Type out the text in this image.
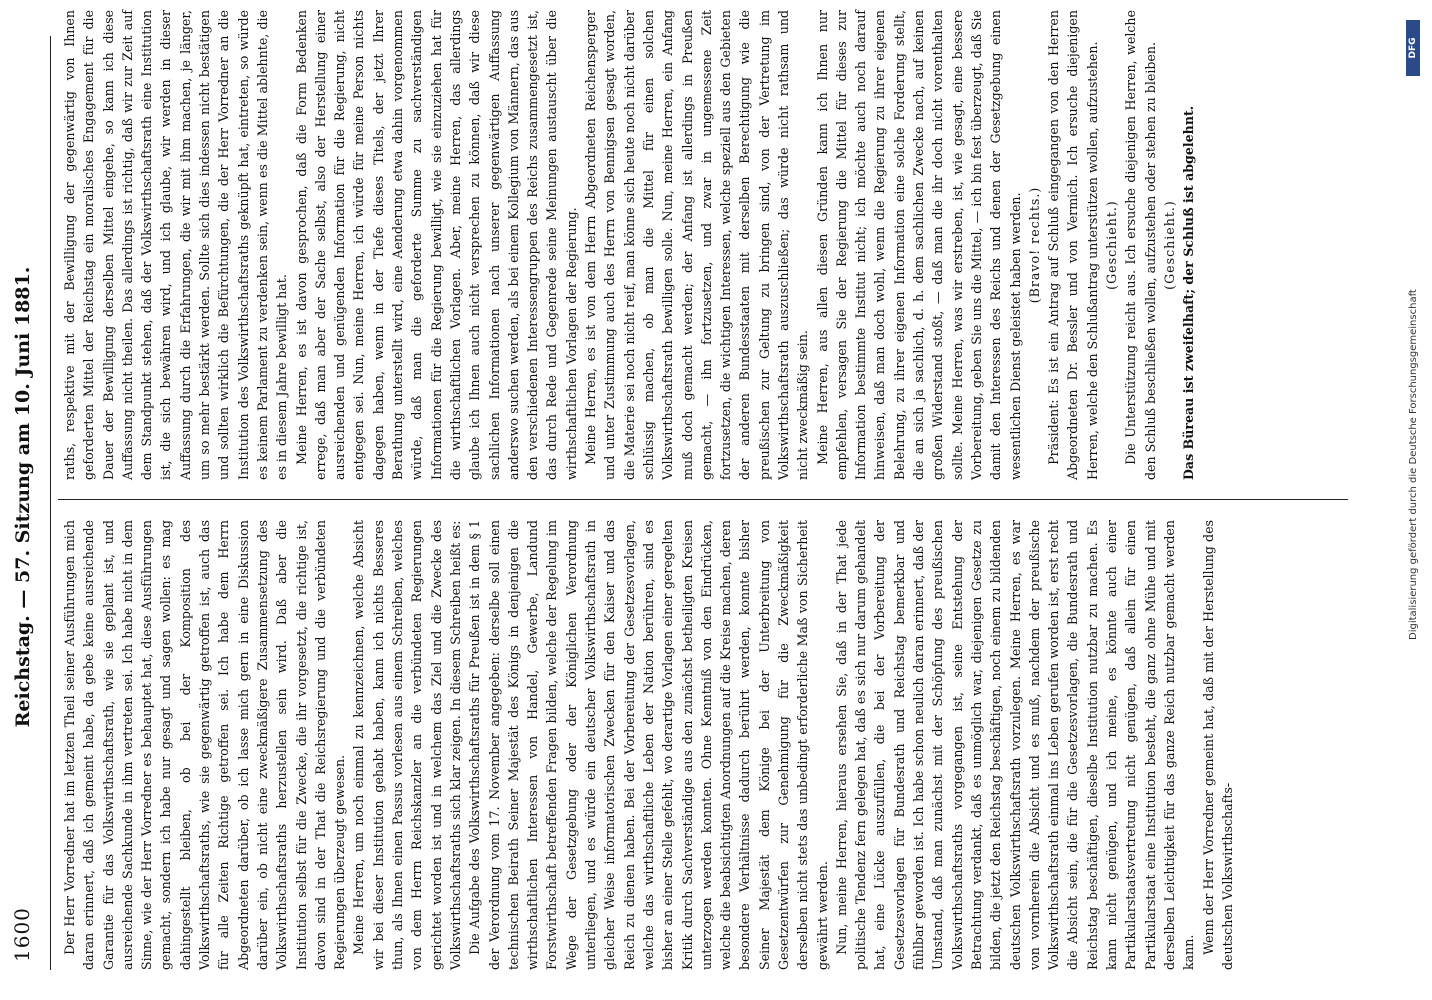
1600
Reichstag. — 57. Sitzung am 10. Juni 1881.

Der Herr Vorredner hat im letzten Theil seiner Ausführungen mich daran erinnert, daß ich gemeint habe, da gebe keine ausreichende Garantie für das Volkswirthschaftsrath, wie sie geplant ist, und ausreichende Sachkunde in ihm vertreten sei. Ich habe nicht in dem Sinne, wie der Herr Vorredner es behauptet hat, diese Ausführungen gemacht, sondern ich habe nur gesagt und sagen wollen: es mag dahingestellt bleiben, ob bei der Komposition des Volkswirthschaftsraths, wie sie gegenwärtig getroffen ist, auch das für alle Zeiten Richtige getroffen sei. Ich habe dem Herrn Abgeordneten darüber, ob ich lasse mich gern in eine Diskussion darüber ein, ob nicht eine zweckmäßigere Zusammensetzung des Volkswirthschaftsraths herzustellen sein wird. Daß aber die Institution selbst für die Zwecke, die ihr vorgesetzt, die richtige ist, davon sind in der That die Reichsregierung und die verbündeten Regierungen überzeugt gewesen. Meine Herren, um noch einmal zu kennzeichnen, welche Absicht wir bei dieser Institution gehabt haben, kann ich nichts Besseres thun, als Ihnen einen Passus vorlesen aus einem Schreiben, welches von dem Herrn Reichskanzler an die verbündeten Regierungen gerichtet worden ist und in welchem das Ziel und die Zwecke des Volkswirthschaftsraths sich klar zeigen. In diesem Schreiben heißt es: Die Aufgabe des Volkswirthschaftsraths für Preußen ist in dem § 1 der Verordnung vom 17. November angegeben: derselbe soll einen technischen Beirath Seiner Majestät des Königs in denjenigen die wirthschaftlichen Interessen von Handel, Gewerbe, Landund Forstwirthschaft betreffenden Fragen bilden, welche der Regelung im Wege der Gesetzgebung oder der Königlichen Verordnung unterliegen, und es würde ein deutscher Volkswirthschaftsrath in gleicher Weise informatorischen Zwecken für den Kaiser und das Reich zu dienen haben. Bei der Vorbereitung der Gesetzesvorlagen, welche das wirthschaftliche Leben der Nation berühren, sind es bisher an einer Stelle gefehlt, wo derartige Vorlagen einer geregelten Kritik durch Sachverständige aus den zunächst betheiligten Kreisen unterzogen werden konnten. Ohne Kenntniß von den Eindrücken, welche die beabsichtigten Anordnungen auf die Kreise machen, deren besondere Verhältnisse dadurch berührt werden, konnte bisher Seiner Majestät dem Könige bei der Unterbreitung von Gesetzentwürfen zur Genehmigung für die Zweckmäßigkeit derselben nicht stets das unbedingt erforderliche Maß von Sicherheit gewährt werden. Nun, meine Herren, hieraus ersehen Sie, daß in der That jede politische Tendenz fern gelegen hat, daß es sich nur darum gehandelt hat, eine Lücke auszufüllen, die bei der Vorbereitung der Gesetzesvorlagen für Bundesrath und Reichstag bemerkbar und fühlbar geworden ist. Ich habe schon neulich daran erinnert, daß der Umstand, daß man zunächst mit der Schöpfung des preußischen Volkswirthschaftsraths vorgegangen ist, seine Entstehung der Betrachtung verdankt, daß es unmöglich war, diejenigen Gesetze zu bilden, die jetzt den Reichstag beschäftigen, noch einem zu bildenden deutschen Volkswirthschaftsrath vorzulegen. Meine Herren, es war von vornherein die Absicht und es muß, nachdem der preußische Volkswirthschaftsrath einmal ins Leben gerufen worden ist, erst recht die Absicht sein, die für die Gesetzesvorlagen, die Bundesrath und Reichstag beschäftigen, dieselbe Institution nutzbar zu machen. Es kann nicht genügen, und ich meine, es könnte auch einer Partikularstaatsvertretung nicht genügen, daß allein für einen Partikularstaat eine Institution besteht, die ganz ohne Mühe und mit derselben Leichtigkeit für das ganze Reich nutzbar gemacht werden kann. Wenn der Herr Vorredner gemeint hat, daß mit der Herstellung des deutschen Volkswirthschafts-

raths, respektive mit der Bewilligung der gegenwärtig von Ihnen geforderten Mittel der Reichstag ein moralisches Engagement für die Dauer der Bewilligung derselben Mittel eingehe, so kann ich diese Auffassung nicht theilen. Das allerdings ist richtig, daß wir zur Zeit auf dem Standpunkt stehen, daß der Volkswirthschaftsrath eine Institution ist, die sich bewähren wird, und ich glaube, wir werden in dieser Auffassung durch die Erfahrungen, die wir mit ihm machen, je länger, um so mehr bestärkt werden. Sollte sich dies indessen nicht bestätigen und sollten wirklich die Befürchtungen, die der Herr Vorredner an die Institution des Volkswirthschaftsraths geknüpft hat, eintreten, so würde es keinem Parlament zu verdenken sein, wenn es die Mittel ablehnte, die es in diesem Jahre bewilligt hat. Meine Herren, es ist davon gesprochen, daß die Form Bedenken errege, daß man aber der Sache selbst, also der Herstellung einer ausreichenden und genügenden Information für die Regierung, nicht entgegen sei. Nun, meine Herren, ich würde für meine Person nichts dagegen haben, wenn in der Tiefe dieses Titels, der jetzt Ihrer Berathung unterstellt wird, eine Aenderung etwa dahin vorgenommen würde, daß man die geforderte Summe zu sachverständigen Informationen für die Regierung bewilligt, wie sie einzuziehen hat für die wirthschaftlichen Vorlagen. Aber, meine Herren, das allerdings glaube ich Ihnen auch nicht versprechen zu können, daß wir diese sachlichen Informationen nach unserer gegenwärtigen Auffassung anderswo suchen werden, als bei einem Kollegium von Männern, das aus den verschiedenen Interessengruppen des Reichs zusammengesetzt ist, das durch Rede und Gegenrede seine Meinungen austauscht über die wirthschaftlichen Vorlagen der Regierung. Meine Herren, es ist von dem Herrn Abgeordneten Reichensperger und unter Zustimmung auch des Herrn von Bennigsen gesagt worden, die Materie sei noch nicht reif, man könne sich heute noch nicht darüber schlüssig machen, ob man die Mittel für einen solchen Volkswirthschaftsrath bewilligen solle. Nun, meine Herren, ein Anfang muß doch gemacht werden; der Anfang ist allerdings in Preußen gemacht, — ihn fortzusetzen, und zwar in ungemessene Zeit fortzusetzen, die wichtigen Interessen, welche speziell aus den Gebieten der anderen Bundesstaaten mit derselben Berechtigung wie die preußischen zur Geltung zu bringen sind, von der Vertretung im Volkswirthschaftsrath auszuschließen; das würde nicht rathsam und nicht zweckmäßig sein. Meine Herren, aus allen diesen Gründen kann ich Ihnen nur empfehlen, versagen Sie der Regierung die Mittel für dieses zur Information bestimmte Institut nicht; ich möchte auch noch darauf hinweisen, daß man doch wohl, wenn die Regierung zu ihrer eigenen Belehrung, zu ihrer eigenen Information eine solche Forderung stellt, die an sich ja sachlich, d. h. dem sachlichen Zwecke nach, auf keinen großen Widerstand stoßt, — daß man die ihr doch nicht vorenthalten sollte. Meine Herren, was wir erstreben, ist, wie gesagt, eine bessere Vorbereitung, geben Sie uns die Mittel, — ich bin fest überzeugt, daß Sie damit den Interessen des Reichs und denen der Gesetzgebung einen wesentlichen Dienst geleistet haben werden. (Bravo! rechts.) Präsident: Es ist ein Antrag auf Schluß eingegangen von den Herren Abgeordneten Dr. Bessler und von Vermich. Ich ersuche diejenigen Herren, welche den Schlußantrag unterstützen wollen, aufzustehen. (Geschieht.) Die Unterstützung reicht aus. Ich ersuche diejenigen Herren, welche den Schluß beschließen wollen, aufzustehen oder stehen zu bleiben. (Geschieht.) Das Büreau ist zweifelhaft; der Schluß ist abgelehnt.	Digitalisierung gefördert durch die Deutsche Forschungsgemeinschaft
DFG
